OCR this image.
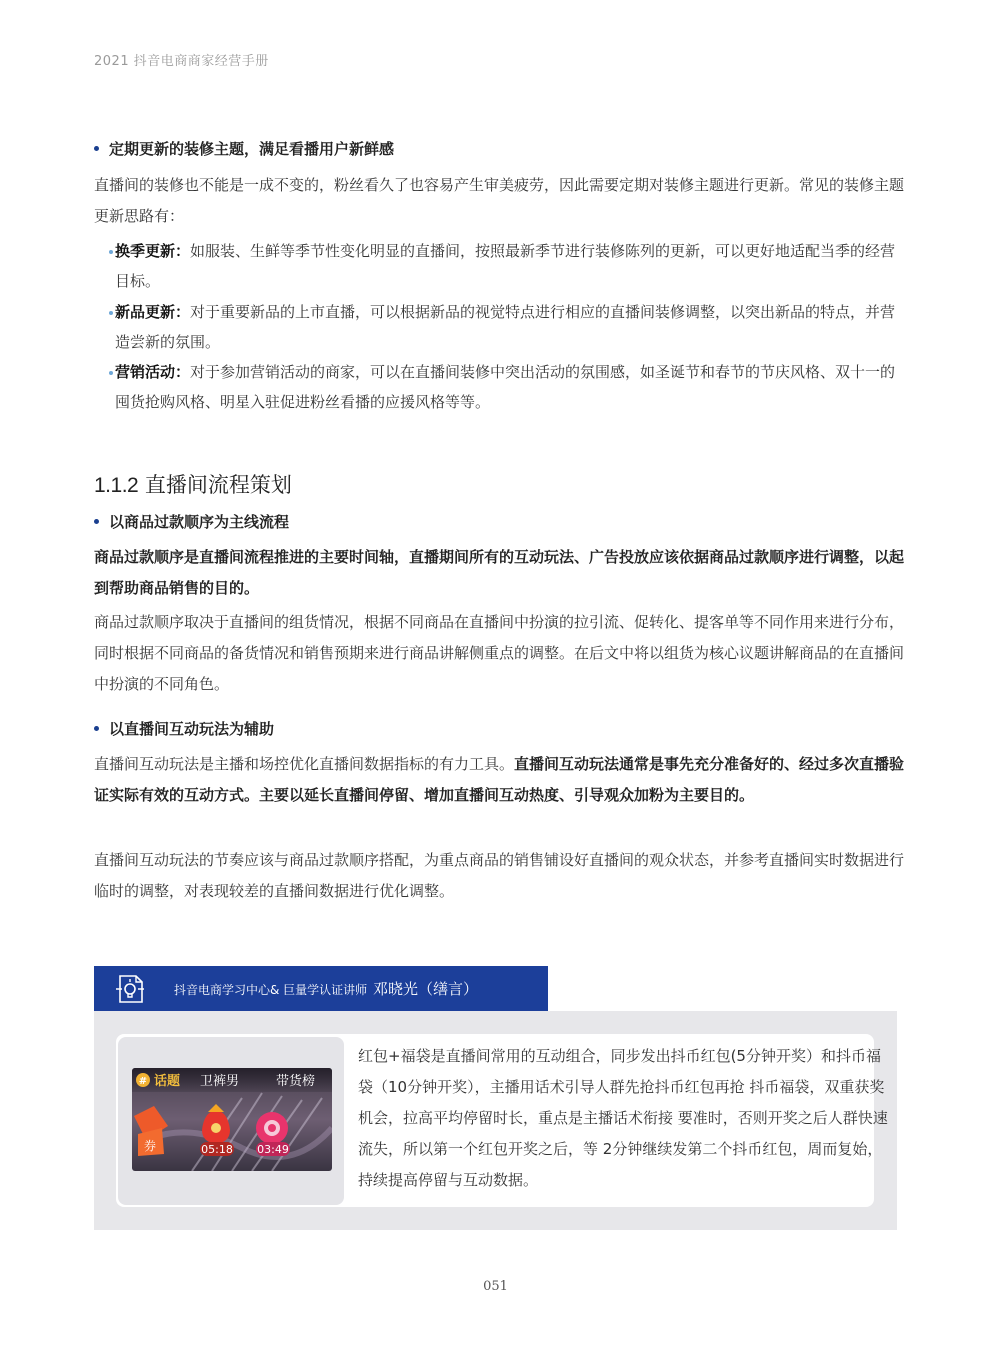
2021 抖音电商商家经营手册
定期更新的装修主题，满足看播用户新鲜感
直播间的装修也不能是一成不变的，粉丝看久了也容易产生审美疲劳，因此需要定期对装修主题进行更新。常见的装修主题更新思路有：
换季更新：如服装、生鲜等季节性变化明显的直播间，按照最新季节进行装修陈列的更新，可以更好地适配当季的经营目标。
新品更新：对于重要新品的上市直播，可以根据新品的视觉特点进行相应的直播间装修调整，以突出新品的特点，并营造尝新的氛围。
营销活动：对于参加营销活动的商家，可以在直播间装修中突出活动的氛围感，如圣诞节和春节的节庆风格、双十一的囤货抢购风格、明星入驻促进粉丝看播的应援风格等等。
1.1.2 直播间流程策划
以商品过款顺序为主线流程
商品过款顺序是直播间流程推进的主要时间轴，直播期间所有的互动玩法、广告投放应该依据商品过款顺序进行调整，以起到帮助商品销售的目的。
商品过款顺序取决于直播间的组货情况，根据不同商品在直播间中扮演的拉引流、促转化、提客单等不同作用来进行分布，同时根据不同商品的备货情况和销售预期来进行商品讲解侧重点的调整。在后文中将以组货为核心议题讲解商品的在直播间中扮演的不同角色。
以直播间互动玩法为辅助
直播间互动玩法是主播和场控优化直播间数据指标的有力工具。直播间互动玩法通常是事先充分准备好的、经过多次直播验证实际有效的互动方式。主要以延长直播间停留、增加直播间互动热度、引导观众加粉为主要目的。
直播间互动玩法的节奏应该与商品过款顺序搭配，为重点商品的销售铺设好直播间的观众状态，并参考直播间实时数据进行临时的调整，对表现较差的直播间数据进行优化调整。
抖音电商学习中心& 巨量学认证讲师 邓晓光（缮言）
# 话题 卫裤男	带货榜
券	05:18 03:49
红包+福袋是直播间常用的互动组合，同步发出抖币红包(5分钟开奖）和抖币福袋（10分钟开奖），主播用话术引导人群先抢抖币红包再抢 抖币福袋，双重获奖机会，拉高平均停留时长，重点是主播话术衔接 要准时，否则开奖之后人群快速流失，所以第一个红包开奖之后，等 2分钟继续发第二个抖币红包，周而复始，持续提高停留与互动数据。
051
